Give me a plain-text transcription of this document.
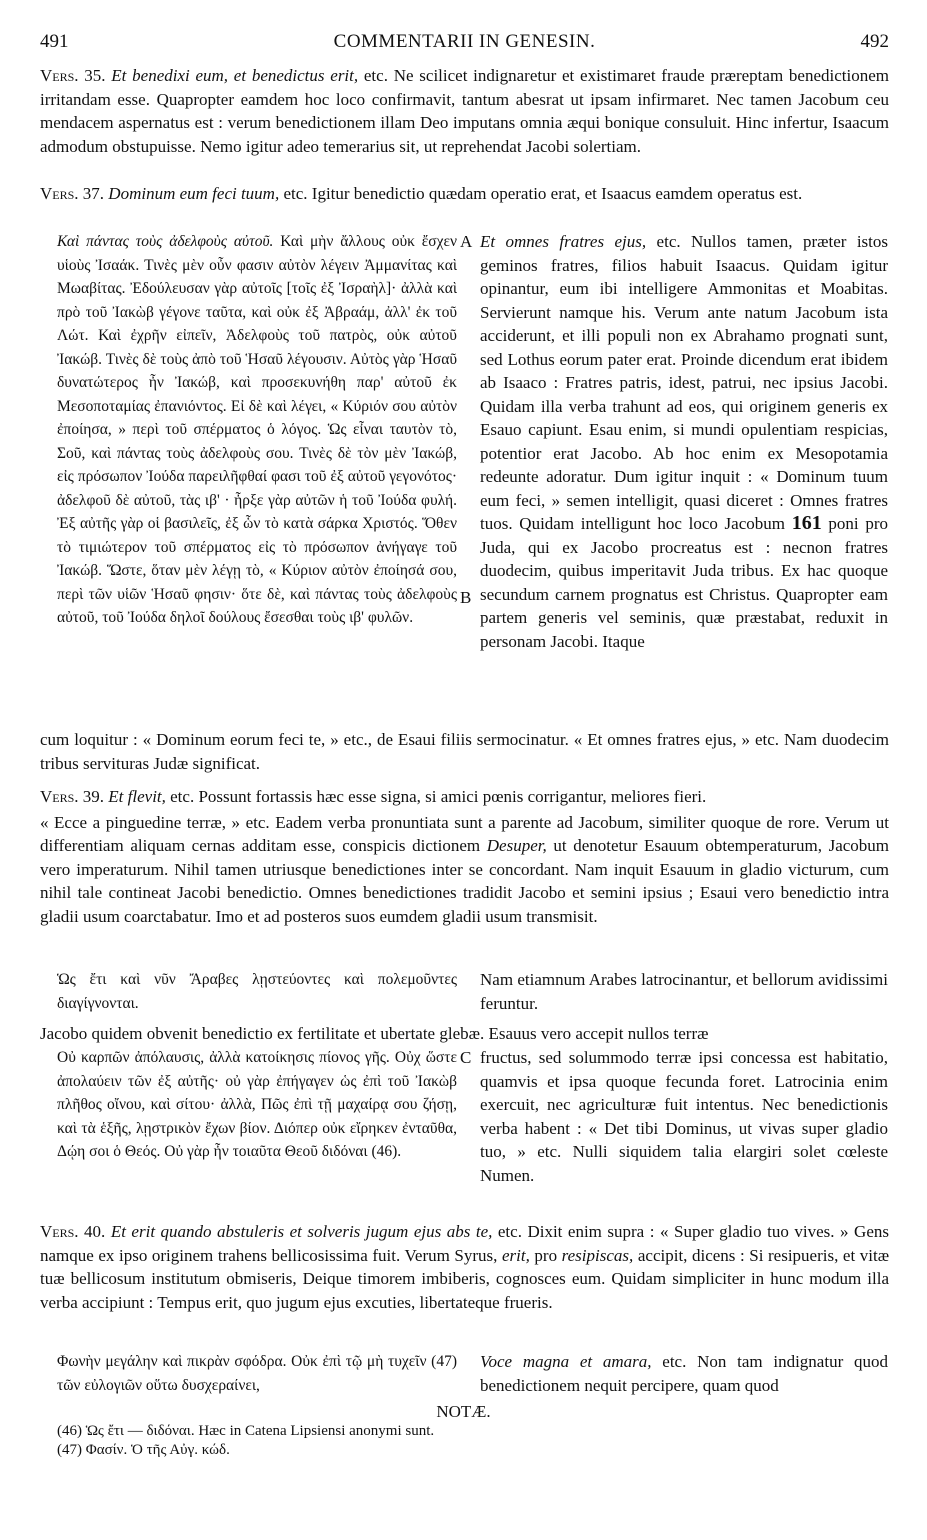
491	COMMENTARII IN GENESIN.	492

Vers. 35. Et benedixi eum, et benedictus erit, etc. Ne scilicet indignaretur et existimaret fraude præreptam benedictionem irritandam esse. Quapropter eamdem hoc loco confirmavit, tantum abesrat ut ipsam infirmaret. Nec tamen Jacobum ceu mendacem aspernatus est : verum benedictionem illam Deo imputans omnia æqui bonique consuluit. Hinc infertur, Isaacum admodum obstupuisse. Nemo igitur adeo temerarius sit, ut reprehendat Jacobi solertiam.

Vers. 37. Dominum eum feci tuum, etc. Igitur benedictio quædam operatio erat, et Isaacus eamdem operatus est.

Καὶ πάντας τοὺς ἀδελφοὺς αὐτοῦ. Καὶ μὴν ἄλλους οὐκ ἔσχεν υἱοὺς Ἰσαάκ. Τινὲς μὲν οὖν φασιν αὐτὸν λέγειν Ἀμμανίτας καὶ Μωαβίτας. Ἐδούλευσαν γὰρ αὐτοῖς [τοῖς ἐξ Ἰσραὴλ]· ἀλλὰ καὶ πρὸ τοῦ Ἰακὼβ γέγονε ταῦτα, καὶ οὐκ ἐξ Ἀβραάμ, ἀλλ' ἐκ τοῦ Λώτ. Καὶ ἐχρῆν εἰπεῖν, Ἀδελφοὺς τοῦ πατρὸς, οὐκ αὐτοῦ Ἰακώβ. Τινὲς δὲ τοὺς ἀπὸ τοῦ Ἡσαῦ λέγουσιν. Αὐτὸς γὰρ Ἡσαῦ δυνατώτερος ἦν Ἰακώβ, καὶ προσεκυνήθη παρ' αὐτοῦ ἐκ Μεσοποταμίας ἐπανιόντος. Εἰ δὲ καὶ λέγει, « Κύριόν σου αὐτὸν ἐποίησα, » περὶ τοῦ σπέρματος ὁ λόγος. Ὡς εἶναι ταυτὸν τὸ, Σοῦ, καὶ πάντας τοὺς ἀδελφοὺς σου. Τινὲς δὲ τὸν μὲν Ἰακώβ, εἰς πρόσωπον Ἰούδα παρειλῆφθαί φασι τοῦ ἐξ αὐτοῦ γεγονότος· ἀδελφοῦ δὲ αὐτοῦ, τὰς ιβ' · ἦρξε γὰρ αὐτῶν ἡ τοῦ Ἰούδα φυλή. Ἐξ αὐτῆς γὰρ οἱ βασιλεῖς, ἐξ ὧν τὸ κατὰ σάρκα Χριστός. Ὅθεν τὸ τιμιώτερον τοῦ σπέρματος εἰς τὸ πρόσωπον ἀνήγαγε τοῦ Ἰακώβ. Ὥστε, ὅταν μὲν λέγῃ τὸ, « Κύριον αὐτὸν ἐποίησά σου, περὶ τῶν υἱῶν Ἡσαῦ φησιν· ὅτε δὲ, καὶ πάντας τοὺς ἀδελφοὺς αὐτοῦ, τοῦ Ἰούδα δηλοῖ δούλους ἔσεσθαι τοὺς ιβ' φυλῶν.

A
B

Et omnes fratres ejus, etc. Nullos tamen, præter istos geminos fratres, filios habuit Isaacus. Quidam igitur opinantur, eum ibi intelligere Ammonitas et Moabitas. Servierunt namque his. Verum ante natum Jacobum ista acciderunt, et illi populi non ex Abrahamo prognati sunt, sed Lothus eorum pater erat. Proinde dicendum erat ibidem ab Isaaco : Fratres patris, idest, patrui, nec ipsius Jacobi. Quidam illa verba trahunt ad eos, qui originem generis ex Esauo capiunt. Esau enim, si mundi opulentiam respicias, potentior erat Jacobo. Ab hoc enim ex Mesopotamia redeunte adoratur. Dum igitur inquit : « Dominum tuum eum feci, » semen intelligit, quasi diceret : Omnes fratres tuos. Quidam intelligunt hoc loco Jacobum 161 poni pro Juda, qui ex Jacobo procreatus est : necnon fratres duodecim, quibus imperitavit Juda tribus. Ex hac quoque secundum carnem prognatus est Christus. Quapropter eam partem generis vel seminis, quæ præstabat, reduxit in personam Jacobi. Itaque

cum loquitur : « Dominum eorum feci te, » etc., de Esaui filiis sermocinatur. « Et omnes fratres ejus, » etc. Nam duodecim tribus servituras Judæ significat.

Vers. 39. Et flevit, etc. Possunt fortassis hæc esse signa, si amici pœnis corrigantur, meliores fieri.

« Ecce a pinguedine terræ, » etc. Eadem verba pronuntiata sunt a parente ad Jacobum, similiter quoque de rore. Verum ut differentiam aliquam cernas additam esse, conspicis dictionem Desuper, ut denotetur Esauum obtemperaturum, Jacobum vero imperaturum. Nihil tamen utriusque benedictiones inter se concordant. Nam inquit Esauum in gladio victurum, cum nihil tale contineat Jacobi benedictio. Omnes benedictiones tradidit Jacobo et semini ipsius ; Esaui vero benedictio intra gladii usum coarctabatur. Imo et ad posteros suos eumdem gladii usum transmisit.

Ὡς ἔτι καὶ νῦν Ἄραβες λῃστεύοντες καὶ πολεμοῦντες διαγίγνονται.

Nam etiamnum Arabes latrocinantur, et bellorum avidissimi feruntur.

Jacobo quidem obvenit benedictio ex fertilitate et ubertate glebæ. Esauus vero accepit nullos terræ

Οὐ καρπῶν ἀπόλαυσις, ἀλλὰ κατοίκησις πίονος γῆς. Οὐχ ὥστε ἀπολαύειν τῶν ἐξ αὐτῆς· οὐ γὰρ ἐπήγαγεν ὡς ἐπὶ τοῦ Ἰακὼβ πλῆθος οἴνου, καὶ σίτου· ἀλλὰ, Πῶς ἐπὶ τῇ μαχαίρᾳ σου ζήσῃ, καὶ τὰ ἑξῆς, λῃστρικὸν ἔχων βίον. Διόπερ οὐκ εἴρηκεν ἐνταῦθα, Δῴη σοι ὁ Θεός. Οὐ γὰρ ἦν τοιαῦτα Θεοῦ διδόναι (46).

C fructus, sed solummodo terræ ipsi concessa est habitatio, quamvis et ipsa quoque fecunda foret. Latrocinia enim exercuit, nec agriculturæ fuit intentus. Nec benedictionis verba habent : « Det tibi Dominus, ut vivas super gladio tuo, » etc. Nulli siquidem talia elargiri solet cœleste Numen.

Vers. 40. Et erit quando abstuleris et solveris jugum ejus abs te, etc. Dixit enim supra : « Super gladio tuo vives. » Gens namque ex ipso originem trahens bellicosissima fuit. Verum Syrus, erit, pro resipiscas, accipit, dicens : Si resipueris, et vitæ tuæ bellicosum institutum obmiseris, Deique timorem imbiberis, cognosces eum. Quidam simpliciter in hunc modum illa verba accipiunt : Tempus erit, quo jugum ejus excuties, libertateque frueris.

Φωνὴν μεγάλην καὶ πικρὰν σφόδρα. Οὐκ ἐπὶ τῷ μὴ τυχεῖν (47) τῶν εὐλογιῶν οὕτω δυσχεραίνει,

Voce magna et amara, etc. Non tam indignatur quod benedictionem nequit percipere, quam quod

NOTÆ.

(46) Ὡς ἔτι — διδόναι. Hæc in Catena Lipsiensi anonymi sunt.

(47) Φασίν. Ὁ τῆς Αὐγ. κώδ.
